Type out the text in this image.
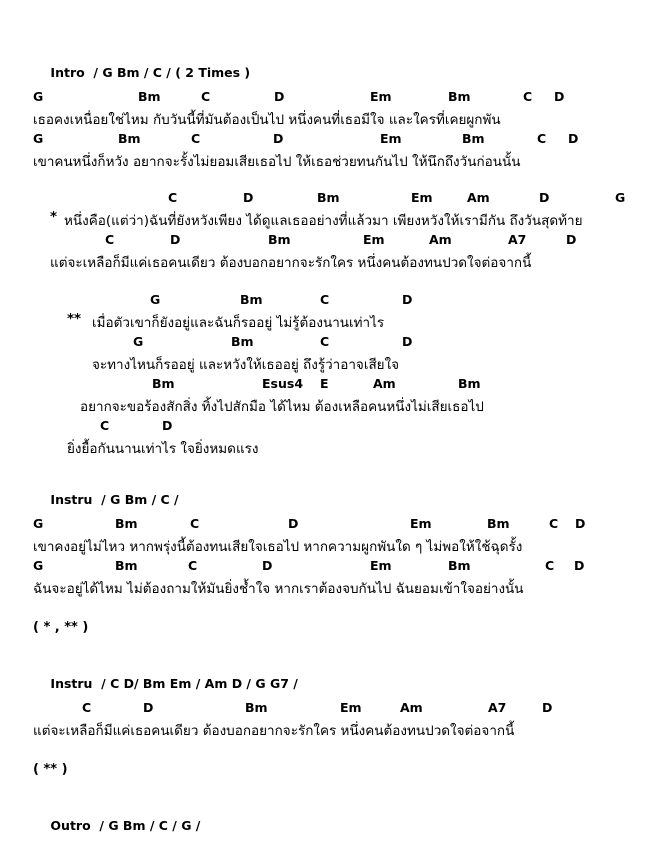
Intro / G Bm / C / ( 2 Times )

G	Bm	C	D	Em	Bm	C D
เธอคงเหนื่อยใช่ไหม กับวันนี้ที่มันต้องเป็นไป หนึ่งคนที่เธอมีใจ และใครที่เคยผูกพัน
G	Bm	C	D	Em	Bm	C D
เขาคนหนึ่งก็หวัง อยากจะรั้งไม่ยอมเสียเธอไป ให้เธอช่วยทนกันไป ให้นึกถึงวันก่อนนั้น
C	D	Bm	Em	Am	D	G
* หนึ่งคือ(แต่ว่า)ฉันที่ยังหวังเพียง ได้ดูแลเธออย่างที่แล้วมา เพียงหวังให้เรามีกัน ถึงวันสุดท้าย
C	D	Bm	Em	Am	A7	D
แต่จะเหลือก็มีแค่เธอคนเดียว ต้องบอกอยากจะรักใคร หนึ่งคนต้องทนปวดใจต่อจากนี้
G	Bm	C	D
** เมื่อตัวเขาก็ยังอยู่และฉันก็รออยู่ ไม่รู้ต้องนานเท่าไร
G	Bm	C	D
จะทางไหนก็รออยู่ และหวังให้เธออยู่ ถึงรู้ว่าอาจเสียใจ
Bm	Esus4 E	Am	Bm
อยากจะขอร้องสักสิ่ง ทิ้งไปสักมือ ได้ไหม ต้องเหลือคนหนึ่งไม่เสียเธอไป
C	D
ยิ่งยื้อกันนานเท่าไร ใจยิ่งหมดแรง

Instru / G Bm / C /

G	Bm	C	D	Em	Bm	C D
เขาคงอยู่ไม่ไหว หากพรุ่งนี้ต้องทนเสียใจเธอไป หากความผูกพันใด ๆ ไม่พอให้ใช้ฉุดรั้ง
G	Bm	C	D	Em	Bm	C D
ฉันจะอยู่ได้ไหม ไม่ต้องถามให้มันยิ่งช้ำใจ หากเราต้องจบกันไป ฉันยอมเข้าใจอย่างนั้น
( * , ** )

Instru / C D/ Bm Em / Am D / G G7 /

C	D	Bm	Em	Am	A7	D
แต่จะเหลือก็มีแค่เธอคนเดียว ต้องบอกอยากจะรักใคร หนึ่งคนต้องทนปวดใจต่อจากนี้
( ** )

Outro / G Bm / C / G /
